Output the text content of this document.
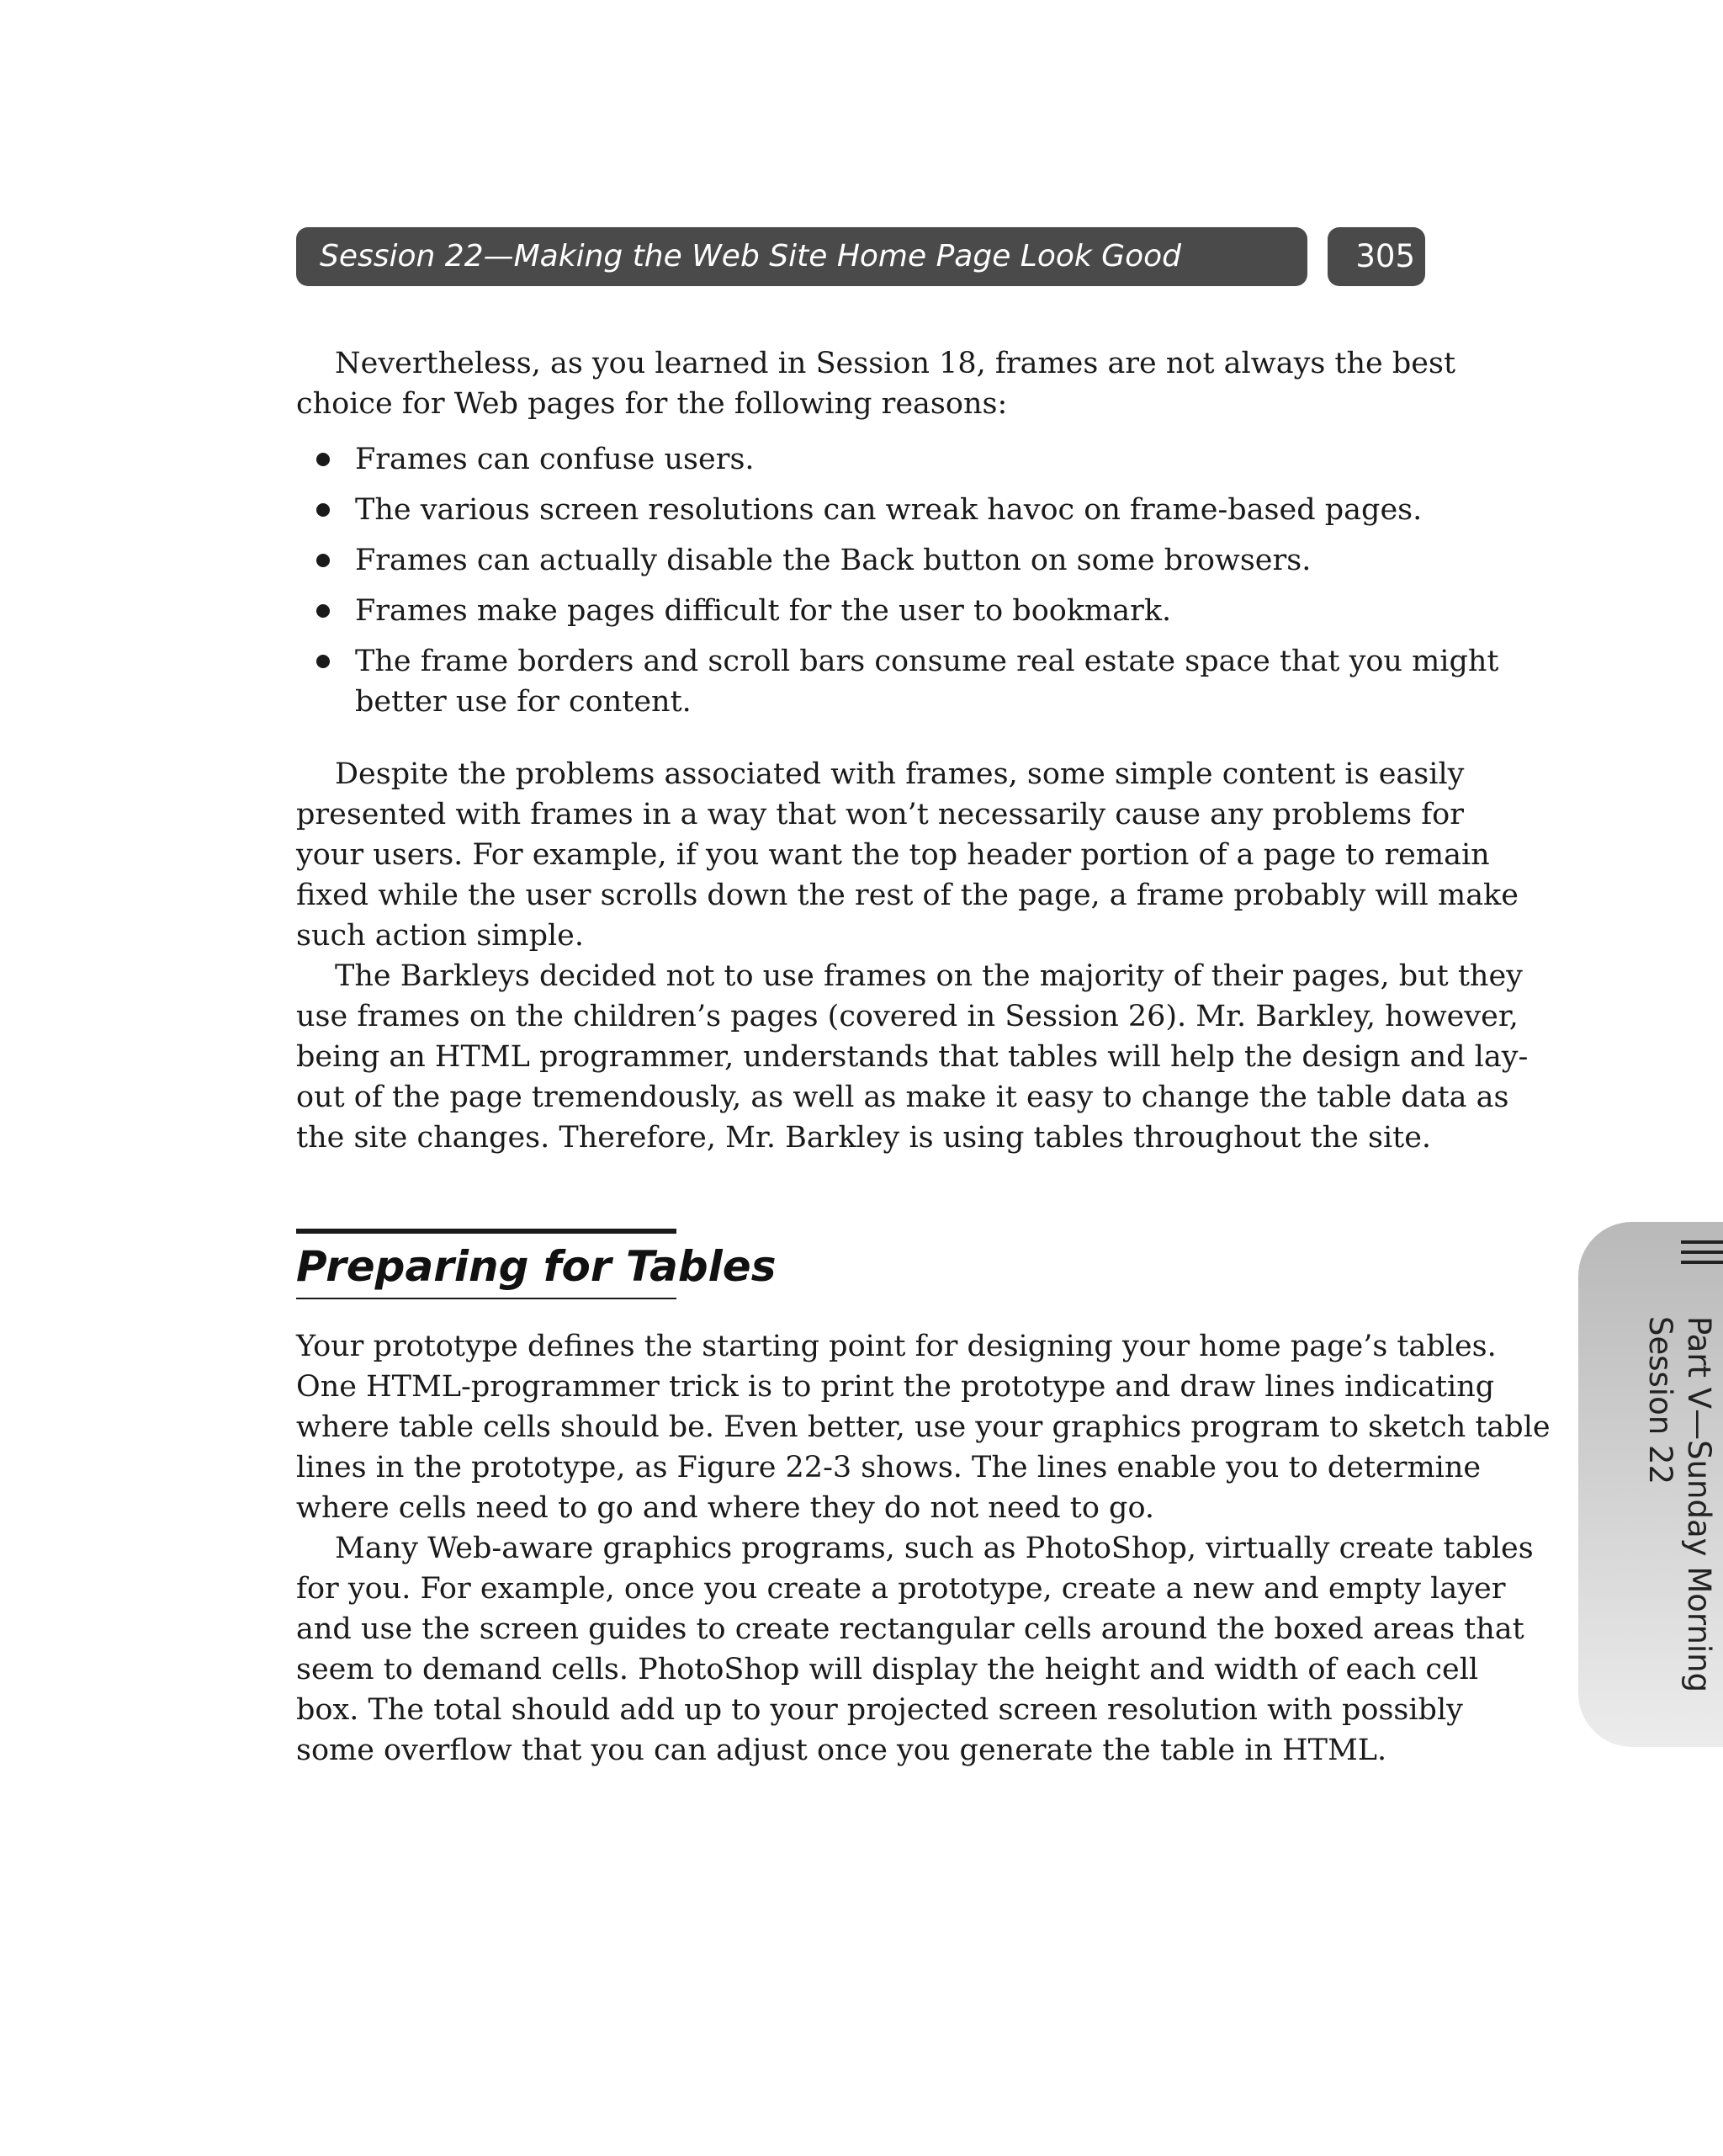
Session 22—Making the Web Site Home Page Look Good	305

Nevertheless, as you learned in Session 18, frames are not always the best
choice for Web pages for the following reasons:

Frames can confuse users.
The various screen resolutions can wreak havoc on frame-based pages.
Frames can actually disable the Back button on some browsers.
Frames make pages difficult for the user to bookmark.
The frame borders and scroll bars consume real estate space that you might
better use for content.

Despite the problems associated with frames, some simple content is easily
presented with frames in a way that won’t necessarily cause any problems for
your users. For example, if you want the top header portion of a page to remain
fixed while the user scrolls down the rest of the page, a frame probably will make
such action simple.

The Barkleys decided not to use frames on the majority of their pages, but they
use frames on the children’s pages (covered in Session 26). Mr. Barkley, however,
being an HTML programmer, understands that tables will help the design and lay-
out of the page tremendously, as well as make it easy to change the table data as
the site changes. Therefore, Mr. Barkley is using tables throughout the site.

Preparing for Tables

Your prototype defines the starting point for designing your home page’s tables.
One HTML-programmer trick is to print the prototype and draw lines indicating
where table cells should be. Even better, use your graphics program to sketch table
lines in the prototype, as Figure 22-3 shows. The lines enable you to determine
where cells need to go and where they do not need to go.

Many Web-aware graphics programs, such as PhotoShop, virtually create tables
for you. For example, once you create a prototype, create a new and empty layer
and use the screen guides to create rectangular cells around the boxed areas that
seem to demand cells. PhotoShop will display the height and width of each cell
box. The total should add up to your projected screen resolution with possibly
some overflow that you can adjust once you generate the table in HTML.

Part V—Sunday Morning
Session 22
